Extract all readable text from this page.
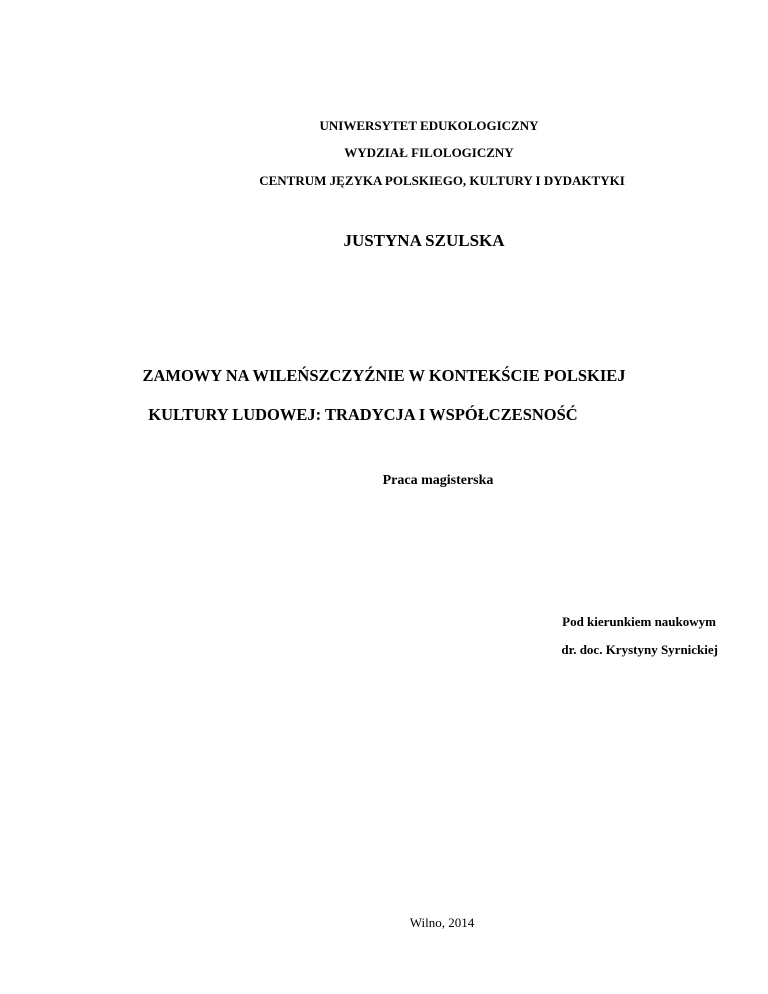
UNIWERSYTET EDUKOLOGICZNY
WYDZIAŁ FILOLOGICZNY
CENTRUM JĘZYKA POLSKIEGO, KULTURY I DYDAKTYKI
JUSTYNA SZULSKA
ZAMOWY NA WILEŃSZCZYŹNIE W KONTEKŚCIE POLSKIEJ
KULTURY LUDOWEJ: TRADYCJA I WSPÓŁCZESNOŚĆ
Praca magisterska
Pod kierunkiem naukowym
dr. doc. Krystyny Syrnickiej
Wilno, 2014
